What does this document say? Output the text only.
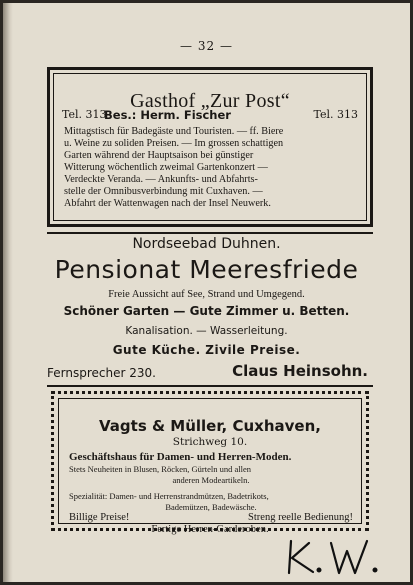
— 32 —
Gasthof „Zur Post“
Tel. 313
Bes.: Herm. Fischer	Tel. 313
Mittagstisch für Badegäste und Touristen. — ff. Biere
u. Weine zu soliden Preisen. — Im grossen schattigen
Garten während der Hauptsaison bei günstiger
Witterung wöchentlich zweimal Gartenkonzert —
Verdeckte Veranda. — Ankunfts- und Abfahrts-
stelle der Omnibusverbindung mit Cuxhaven. —
Abfahrt der Wattenwagen nach der Insel Neuwerk.
Nordseebad Duhnen.
Pensionat Meeresfriede
Freie Aussicht auf See, Strand und Umgegend.
Schöner Garten — Gute Zimmer u. Betten.
Kanalisation. — Wasserleitung.
Gute Küche. Zivile Preise.
Fernsprecher 230.	Claus Heinsohn.
Vagts & Müller, Cuxhaven,
Strichweg 10.
Geschäftshaus für Damen- und Herren-Moden.
Stets Neuheiten in Blusen, Röcken, Gürteln und allen
anderen Modeartikeln.
Spezialität: Damen- und Herrenstrandmützen, Badetrikots,
Bademützen, Badewäsche.
Billige Preise!	Streng reelle Bedienung!
Fertige Herren-Garderoben.
